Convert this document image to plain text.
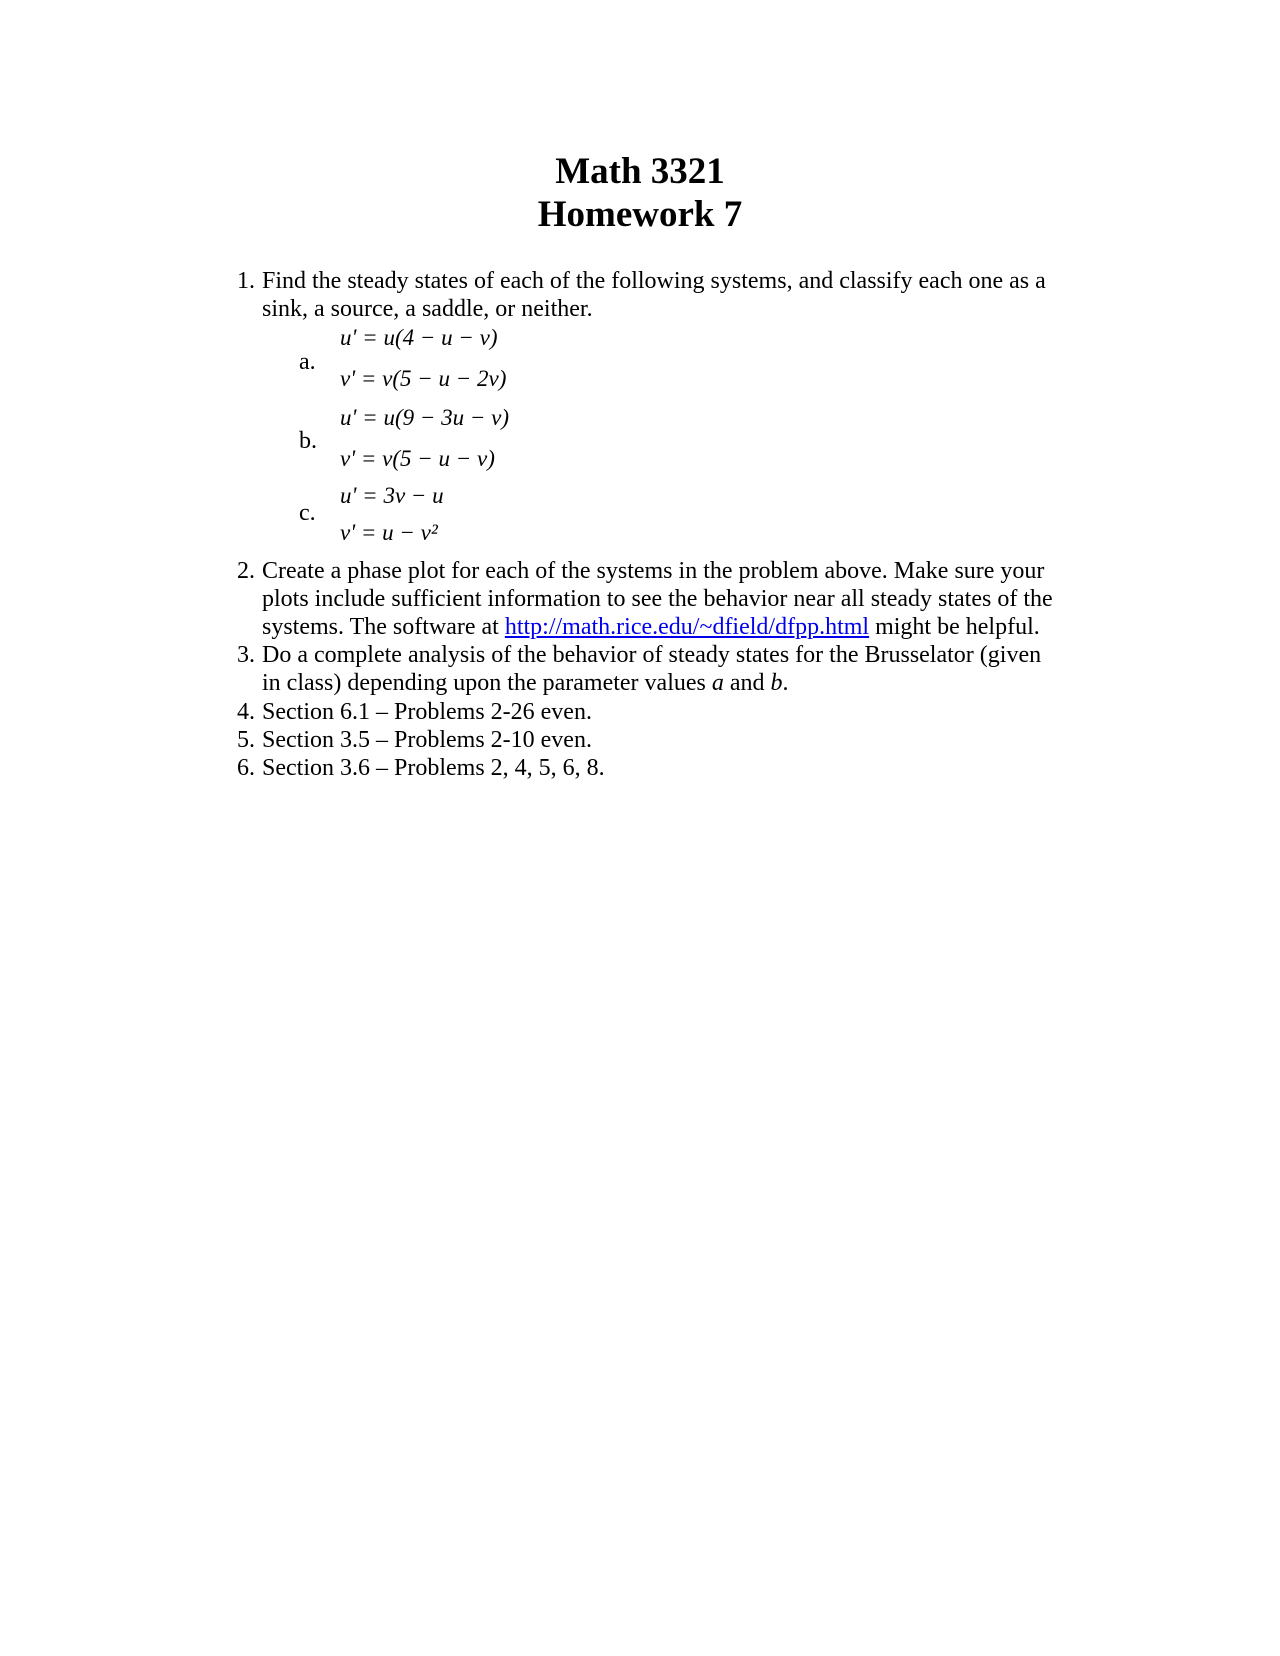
Math 3321
Homework 7
1. Find the steady states of each of the following systems, and classify each one as a
sink, a source, a saddle, or neither.
a.
u' = u(4 − u − v)
v' = v(5 − u − 2v)
b.
u' = u(9 − 3u − v)
v' = v(5 − u − v)
c.
u' = 3v − u
v' = u − v²
2. Create a phase plot for each of the systems in the problem above. Make sure your
plots include sufficient information to see the behavior near all steady states of the
systems. The software at http://math.rice.edu/~dfield/dfpp.html might be helpful.
3. Do a complete analysis of the behavior of steady states for the Brusselator (given
in class) depending upon the parameter values a and b.
4. Section 6.1 – Problems 2-26 even.
5. Section 3.5 – Problems 2-10 even.
6. Section 3.6 – Problems 2, 4, 5, 6, 8.
